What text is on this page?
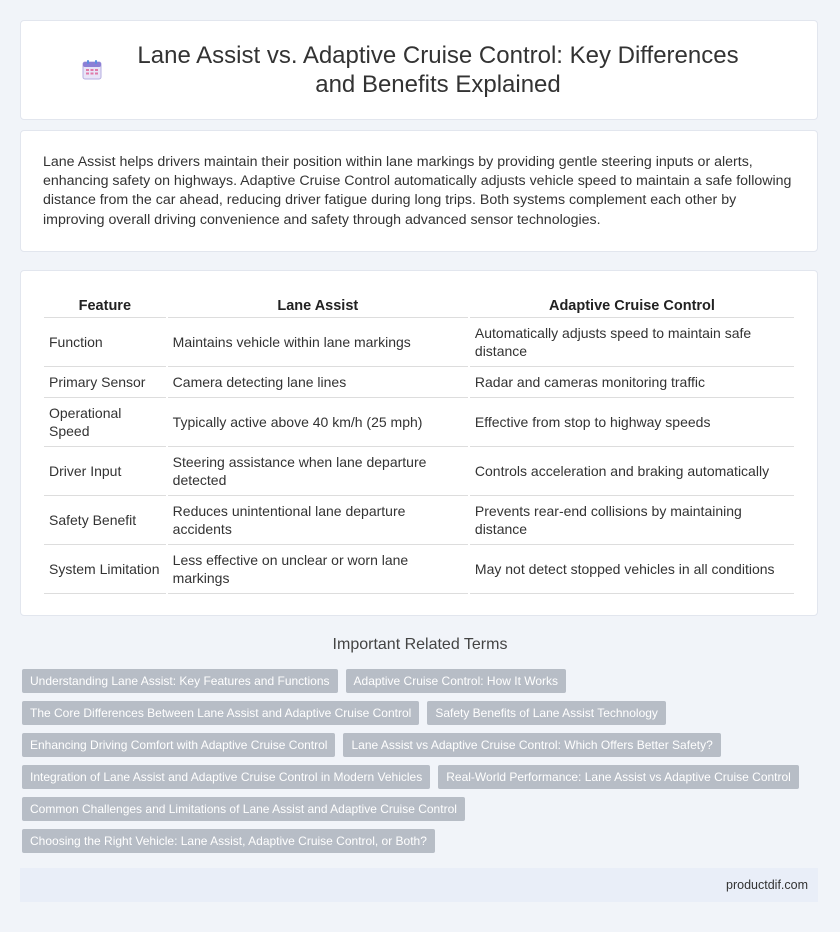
Lane Assist vs. Adaptive Cruise Control: Key Differences and Benefits Explained

Lane Assist helps drivers maintain their position within lane markings by providing gentle steering inputs or alerts, enhancing safety on highways. Adaptive Cruise Control automatically adjusts vehicle speed to maintain a safe following distance from the car ahead, reducing driver fatigue during long trips. Both systems complement each other by improving overall driving convenience and safety through advanced sensor technologies.

Feature	Lane Assist	Adaptive Cruise Control
Function	Maintains vehicle within lane markings	Automatically adjusts speed to maintain safe distance
Primary Sensor	Camera detecting lane lines	Radar and cameras monitoring traffic
Operational Speed	Typically active above 40 km/h (25 mph)	Effective from stop to highway speeds
Driver Input	Steering assistance when lane departure detected	Controls acceleration and braking automatically
Safety Benefit	Reduces unintentional lane departure accidents	Prevents rear-end collisions by maintaining distance
System Limitation	Less effective on unclear or worn lane markings	May not detect stopped vehicles in all conditions
Important Related Terms
Understanding Lane Assist: Key Features and Functions	Adaptive Cruise Control: How It Works
The Core Differences Between Lane Assist and Adaptive Cruise Control	Safety Benefits of Lane Assist Technology
Enhancing Driving Comfort with Adaptive Cruise Control	Lane Assist vs Adaptive Cruise Control: Which Offers Better Safety?
Integration of Lane Assist and Adaptive Cruise Control in Modern Vehicles	Real-World Performance: Lane Assist vs Adaptive Cruise Control
Common Challenges and Limitations of Lane Assist and Adaptive Cruise Control
Choosing the Right Vehicle: Lane Assist, Adaptive Cruise Control, or Both?
productdif.com
